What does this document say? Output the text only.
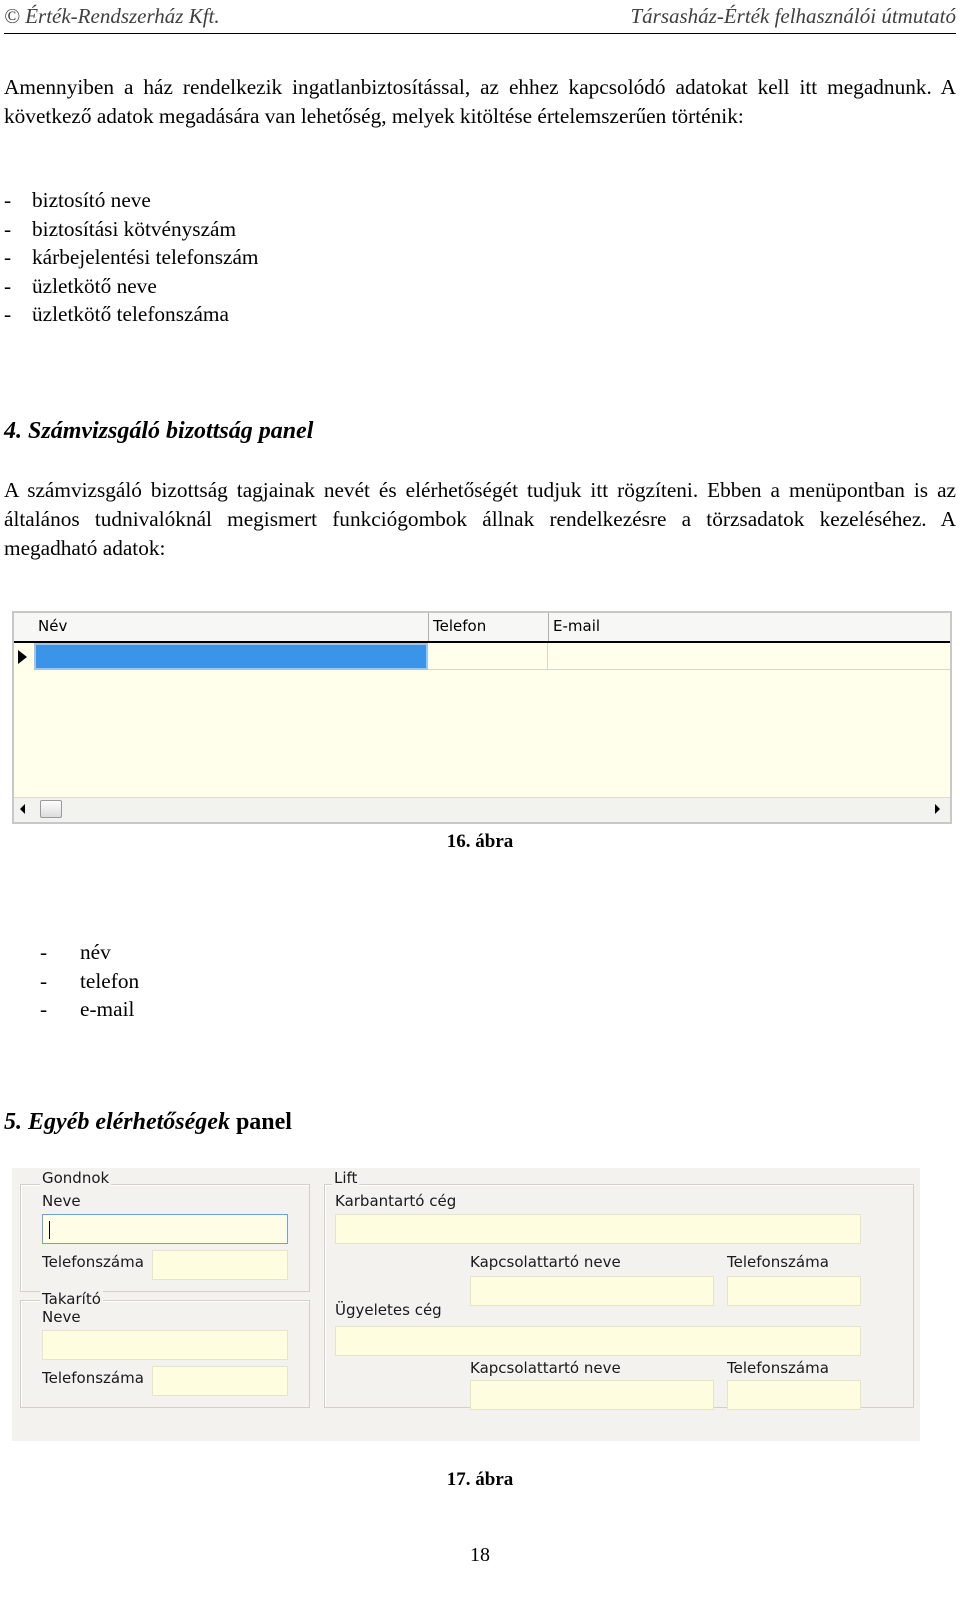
© Érték-Rendszerház Kft.	Társasház-Érték felhasználói útmutató
Amennyiben a ház rendelkezik ingatlanbiztosítással, az ehhez kapcsolódó adatokat kell itt megadnunk. A következő adatok megadására van lehetőség, melyek kitöltése értelemszerűen történik:
- biztosító neve
- biztosítási kötvényszám
- kárbejelentési telefonszám
- üzletkötő neve
- üzletkötő telefonszáma
4. Számvizsgáló bizottság panel
A számvizsgáló bizottság tagjainak nevét és elérhetőségét tudjuk itt rögzíteni. Ebben a menüpontban is az általános tudnivalóknál megismert funkciógombok állnak rendelkezésre a törzsadatok kezeléséhez. A megadható adatok:
Név	Telefon	E-mail
16. ábra
-	név
-	telefon
-	e-mail
5. Egyéb elérhetőségek panel
Gondnok
Neve
Telefonszáma
Takarító
Neve
Telefonszáma
Lift
Karbantartó cég
Kapcsolattartó neve	Telefonszáma
Ügyeletes cég
Kapcsolattartó neve	Telefonszáma
17. ábra
18
